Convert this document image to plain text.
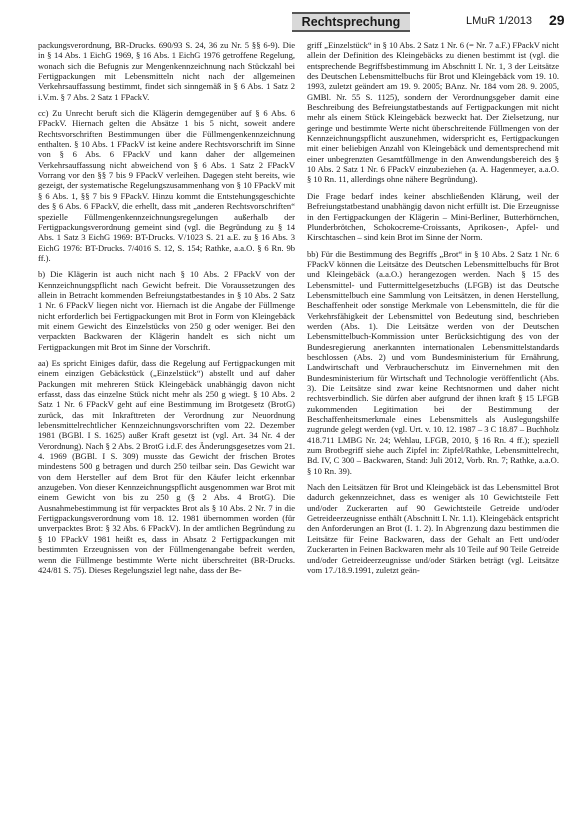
Rechtsprechung	LMuR 1/2013 29

packungsverordnung, BR-Drucks. 690/93 S. 24, 36 zu Nr. 5 §§ 6-9). Die in § 14 Abs. 1 EichG 1969, § 16 Abs. 1 EichG 1976 getroffene Regelung, wonach sich die Befugnis zur Mengenkennzeichnung nach Stückzahl bei Fertigpackungen mit Lebensmitteln nicht nach der allgemeinen Verkehrsauffassung bestimmt, findet sich sinngemäß in § 6 Abs. 1 Satz 2 i.V.m. § 7 Abs. 2 Satz 1 FPackV.

cc) Zu Unrecht beruft sich die Klägerin demgegenüber auf § 6 Abs. 6 FPackV. Hiernach gelten die Absätze 1 bis 5 nicht, soweit andere Rechtsvorschriften Bestimmungen über die Füllmengenkennzeichnung enthalten. § 10 Abs. 1 FPackV ist keine andere Rechtsvorschrift im Sinne von § 6 Abs. 6 FPackV und kann daher der allgemeinen Verkehrsauffassung nicht abweichend von § 6 Abs. 1 Satz 2 FPackV Vorrang vor den §§ 7 bis 9 FPackV verleihen. Dagegen steht bereits, wie gezeigt, der systematische Regelungszusammenhang von § 10 FPackV mit § 6 Abs. 1, §§ 7 bis 9 FPackV. Hinzu kommt die Entstehungsgeschichte des § 6 Abs. 6 FPackV, die erhellt, dass mit „anderen Rechtsvorschriften“ spezielle Füllmengenkennzeichnungsregelungen außerhalb der Fertigpackungsverordnung gemeint sind (vgl. die Begründung zu § 14 Abs. 1 Satz 3 EichG 1969: BT-Drucks. V/1023 S. 21 a.E. zu § 16 Abs. 3 EichG 1976: BT-Drucks. 7/4016 S. 12, S. 154; Rathke, a.a.O. § 6 Rn. 9b ff.).

b) Die Klägerin ist auch nicht nach § 10 Abs. 2 FPackV von der Kennzeichnungspflicht nach Gewicht befreit. Die Voraussetzungen des allein in Betracht kommenden Befreiungstatbestandes in § 10 Abs. 2 Satz 1 Nr. 6 FPackV liegen nicht vor. Hiernach ist die Angabe der Füllmenge nicht erforderlich bei Fertigpackungen mit Brot in Form von Kleingebäck mit einem Gewicht des Einzelstücks von 250 g oder weniger. Bei den verpackten Backwaren der Klägerin handelt es sich nicht um Fertigpackungen mit Brot im Sinne der Vorschrift.

aa) Es spricht Einiges dafür, dass die Regelung auf Fertigpackungen mit einem einzigen Gebäckstück („Einzelstück“) abstellt und auf daher Packungen mit mehreren Stück Kleingebäck unabhängig davon nicht erfasst, dass das einzelne Stück nicht mehr als 250 g wiegt. § 10 Abs. 2 Satz 1 Nr. 6 FPackV geht auf eine Bestimmung im Brotgesetz (BrotG) zurück, das mit Inkrafttreten der Verordnung zur Neuordnung lebensmittelrechtlicher Kennzeichnungsvorschriften vom 22. Dezember 1981 (BGBl. I S. 1625) außer Kraft gesetzt ist (vgl. Art. 34 Nr. 4 der Verordnung). Nach § 2 Abs. 2 BrotG i.d.F. des Änderungsgesetzes vom 21. 4. 1969 (BGBl. I S. 309) musste das Gewicht der frischen Brotes mindestens 500 g betragen und durch 250 teilbar sein. Das Gewicht war von dem Hersteller auf dem Brot für den Käufer leicht erkennbar anzugeben. Von dieser Kennzeichnungspflicht ausgenommen war Brot mit einem Gewicht von bis zu 250 g (§ 2 Abs. 4 BrotG). Die Ausnahmebestimmung ist für verpacktes Brot als § 10 Abs. 2 Nr. 7 in die Fertigpackungsverordnung vom 18. 12. 1981 übernommen worden (für unverpacktes Brot: § 32 Abs. 6 FPackV). In der amtlichen Begründung zu § 10 FPackV 1981 heißt es, dass in Absatz 2 Fertigpackungen mit bestimmten Erzeugnissen von der Füllmengenangabe befreit werden, wenn die Füllmenge bestimmte Werte nicht überschreitet (BR-Drucks. 424/81 S. 75). Dieses Regelungsziel legt nahe, dass der Be-

griff „Einzelstück“ in § 10 Abs. 2 Satz 1 Nr. 6 (= Nr. 7 a.F.) FPackV nicht allein der Definition des Kleingebäcks zu dienen bestimmt ist (vgl. die entsprechende Begriffsbestimmung im Abschnitt I. Nr. 1, 3 der Leitsätze des Deutschen Lebensmittelbuchs für Brot und Kleingebäck vom 19. 10. 1993, zuletzt geändert am 19. 9. 2005; BAnz. Nr. 184 vom 28. 9. 2005, GMBl. Nr. 55 S. 1125), sondern der Verordnungsgeber damit eine Beschreibung des Befreiungstatbestands auf Fertigpackungen mit nicht mehr als einem Stück Kleingebäck bezweckt hat. Der Zielsetzung, nur geringe und bestimmte Werte nicht überschreitende Füllmengen von der Kennzeichnungspflicht auszunehmen, widerspricht es, Fertigpackungen mit einer beliebigen Anzahl von Kleingebäck und dementsprechend mit einer unbegrenzten Gesamtfüllmenge in den Anwendungsbereich des § 10 Abs. 2 Satz 1 Nr. 6 FPackV einzubeziehen (a. A. Hagenmeyer, a.a.O. § 10 Rn. 11, allerdings ohne nähere Begründung).

Die Frage bedarf indes keiner abschließenden Klärung, weil der Befreiungstatbestand unabhängig davon nicht erfüllt ist. Die Erzeugnisse in den Fertigpackungen der Klägerin – Mini-Berliner, Butterhörnchen, Plunderbrötchen, Schokocreme-Croissants, Aprikosen-, Apfel- und Kirschtaschen – sind kein Brot im Sinne der Norm.

bb) Für die Bestimmung des Begriffs „Brot“ in § 10 Abs. 2 Satz 1 Nr. 6 FPackV können die Leitsätze des Deutschen Lebensmittelbuchs für Brot und Kleingebäck (a.a.O.) herangezogen werden. Nach § 15 des Lebensmittel- und Futtermittelgesetzbuchs (LFGB) ist das Deutsche Lebensmittelbuch eine Sammlung von Leitsätzen, in denen Herstellung, Beschaffenheit oder sonstige Merkmale von Lebensmitteln, die für die Verkehrsfähigkeit der Lebensmittel von Bedeutung sind, beschrieben werden (Abs. 1). Die Leitsätze werden von der Deutschen Lebensmittelbuch-Kommission unter Berücksichtigung des von der Bundesregierung anerkannten internationalen Lebensmittelstandards beschlossen (Abs. 2) und vom Bundesministerium für Ernährung, Landwirtschaft und Verbraucherschutz im Einvernehmen mit den Bundesministerium für Wirtschaft und Technologie veröffentlicht (Abs. 3). Die Leitsätze sind zwar keine Rechtsnormen und daher nicht rechtsverbindlich. Sie dürfen aber aufgrund der ihnen kraft § 15 LFGB zukommenden Legitimation bei der Bestimmung der Beschaffenheitsmerkmale eines Lebensmittels als Auslegungshilfe zugrunde gelegt werden (vgl. Urt. v. 10. 12. 1987 – 3 C 18.87 – Buchholz 418.711 LMBG Nr. 24; Wehlau, LFGB, 2010, § 16 Rn. 4 ff.); speziell zum Brotbegriff siehe auch Zipfel in: Zipfel/Rathke, Lebensmittelrecht, Bd. IV, C 300 – Backwaren, Stand: Juli 2012, Vorb. Rn. 7; Rathke, a.a.O. § 10 Rn. 39).

Nach den Leitsätzen für Brot und Kleingebäck ist das Lebensmittel Brot dadurch gekennzeichnet, dass es weniger als 10 Gewichtsteile Fett und/oder Zuckerarten auf 90 Gewichtsteile Getreide und/oder Getreideerzeugnisse enthält (Abschnitt I. Nr. 1.1). Kleingebäck entspricht den Anforderungen an Brot (I. 1. 2). In Abgrenzung dazu bestimmen die Leitsätze für Feine Backwaren, dass der Gehalt an Fett und/oder Zuckerarten in Feinen Backwaren mehr als 10 Teile auf 90 Teile Getreide und/oder Getreideerzeugnisse und/oder Stärken beträgt (vgl. Leitsätze vom 17./18.9.1991, zuletzt geän-
